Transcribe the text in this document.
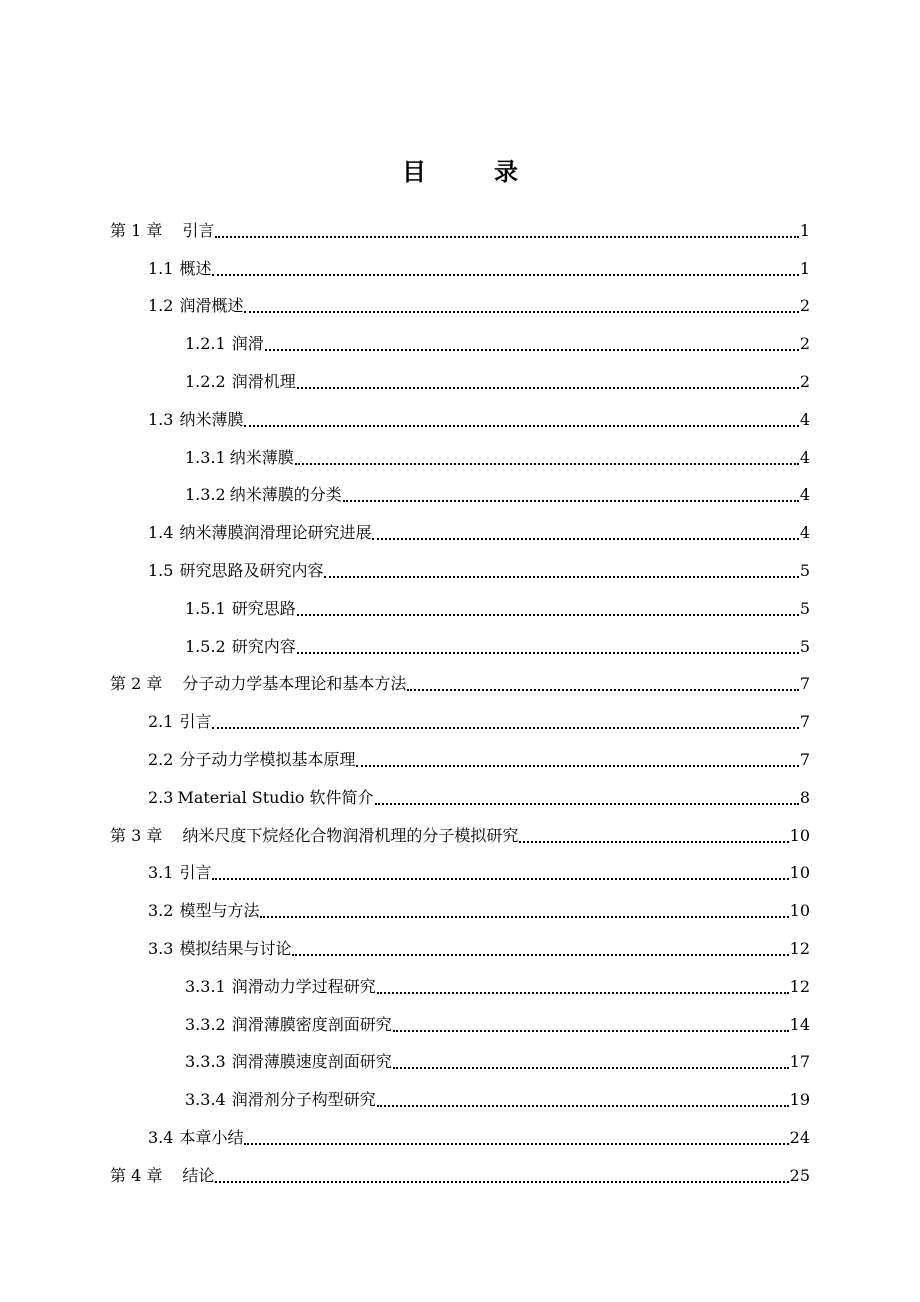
目　录
第 1 章 引言	1
1.1 概述	1
1.2 润滑概述	2
1.2.1 润滑	2
1.2.2 润滑机理	2
1.3 纳米薄膜	4
1.3.1 纳米薄膜	4
1.3.2 纳米薄膜的分类	4
1.4 纳米薄膜润滑理论研究进展	4
1.5 研究思路及研究内容	5
1.5.1 研究思路	5
1.5.2 研究内容	5
第 2 章 分子动力学基本理论和基本方法	7
2.1 引言	7
2.2 分子动力学模拟基本原理	7
2.3 Material Studio 软件简介	8
第 3 章 纳米尺度下烷烃化合物润滑机理的分子模拟研究	10
3.1 引言	10
3.2 模型与方法	10
3.3 模拟结果与讨论	12
3.3.1 润滑动力学过程研究	12
3.3.2 润滑薄膜密度剖面研究	14
3.3.3 润滑薄膜速度剖面研究	17
3.3.4 润滑剂分子构型研究	19
3.4 本章小结	24
第 4 章 结论	25
